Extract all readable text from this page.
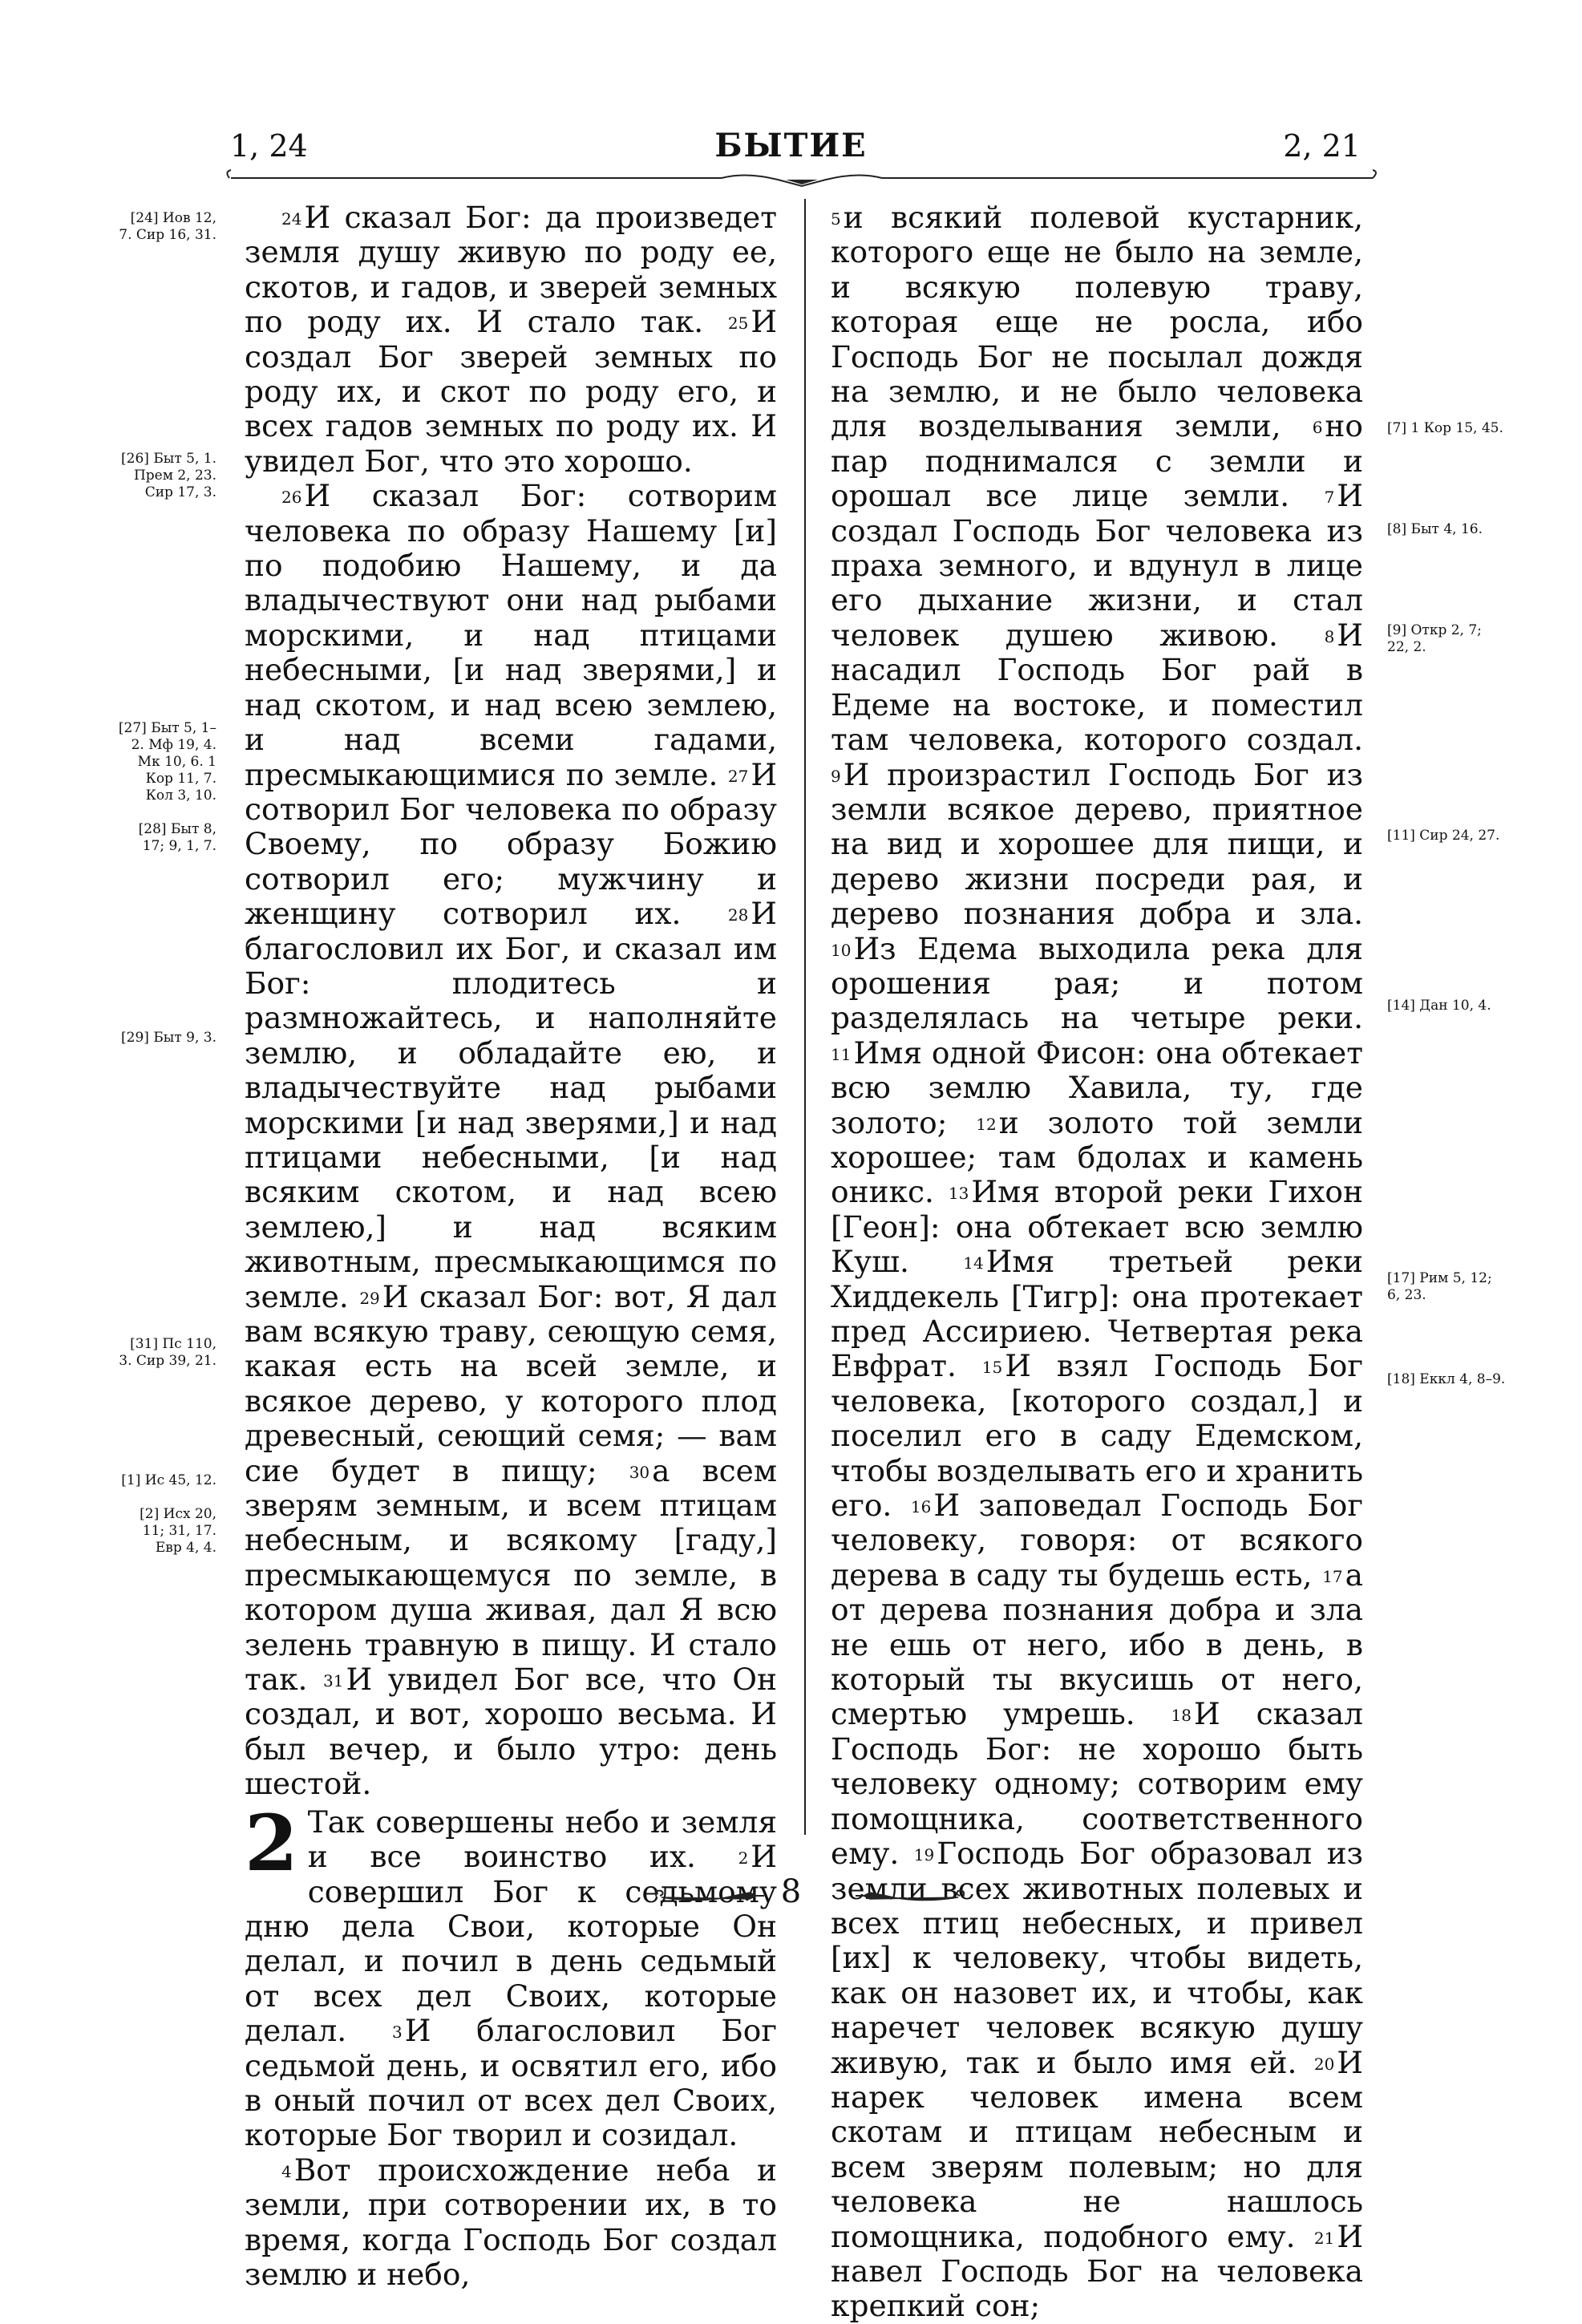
1, 24	БЫТИЕ	2, 21
[24] Иов 12, 7. Сир 16, 31.
[26] Быт 5, 1. Прем 2, 23. Сир 17, 3.
[27] Быт 5, 1–2. Мф 19, 4. Мк 10, 6. 1 Кор 11, 7. Кол 3, 10.
[28] Быт 8, 17; 9, 1, 7.
[29] Быт 9, 3.
[31] Пс 110, 3. Сир 39, 21.
[1] Ис 45, 12.
[2] Исх 20, 11; 31, 17. Евр 4, 4.
[7] 1 Кор 15, 45.
[8] Быт 4, 16.
[9] Откр 2, 7; 22, 2.
[11] Сир 24, 27.
[14] Дан 10, 4.
[17] Рим 5, 12; 6, 23.
[18] Еккл 4, 8–9.

$^{24}$И сказал Бог: да произведет земля душу живую по роду ее, скотов, и гадов, и зверей земных по роду их. И стало так. $^{25}$И создал Бог зверей земных по роду их, и скот по роду его, и всех гадов земных по роду их. И увидел Бог, что это хорошо.

$^{26}$И сказал Бог: сотворим человека по образу Нашему [и] по подобию Нашему, и да владычествуют они над рыбами морскими, и над птицами небесными, [и над зверями,] и над скотом, и над всею землею, и над всеми гадами, пресмыкающимися по земле. $^{27}$И сотворил Бог человека по образу Своему, по образу Божию сотворил его; мужчину и женщину сотворил их.	$^{28}$И благословил их Бог, и сказал им Бог: плодитесь и размножайтесь, и наполняйте землю, и обладайте ею, и владычествуйте над рыбами морскими [и над зверями,] и над птицами небесными, [и над всяким скотом, и над всею землею,] и над всяким животным, пресмыкающимся по земле. $^{29}$И сказал Бог: вот, Я дал вам всякую траву, сеющую семя, какая есть на всей земле, и всякое дерево, у которого плод древесный, сеющий семя; — вам сие будет в пищу; $^{30}$а всем зверям земным, и всем птицам небесным, и всякому [гаду,] пресмыкающемуся по земле, в котором душа живая, дал Я всю зелень травную в пищу. И стало так. $^{31}$И увидел Бог все, что Он создал, и вот, хорошо весьма. И был вечер, и было утро: день шестой.

2 Так совершены небо и земля и все воинство их.	$^2$И совершил Бог к седьмому дню дела Свои, которые Он делал, и почил в день седьмый от всех дел Своих, которые делал.	$^3$И благословил Бог седьмой день, и освятил его, ибо в оный почил от всех дел Своих, которые Бог творил и созидал.

$^4$Вот происхождение неба и земли, при сотворении их, в то время, когда Господь Бог создал землю и небо,

$^5$и всякий полевой кустарник, которого еще не было на земле, и всякую полевую траву, которая еще не росла, ибо Господь Бог не посылал дождя на землю, и не было человека для возделывания земли, $^6$но пар поднимался с земли и орошал все лице земли. $^7$И создал Господь Бог человека из праха земного, и вдунул в лице его дыхание жизни, и стал человек душею живою.	$^8$И насадил Господь Бог рай в Едеме на востоке, и поместил там человека, которого создал. $^9$И произрастил Господь Бог из земли всякое дерево, приятное на вид и хорошее для пищи, и дерево жизни посреди рая, и дерево познания добра и зла. $^{10}$Из Едема выходила река для орошения рая; и потом разделялась на четыре реки. $^{11}$Имя одной Фисон: она обтекает всю землю Хавила, ту, где золото; $^{12}$и золото той земли хорошее; там бдолах и камень оникс. $^{13}$Имя второй реки Гихон [Геон]: она обтекает всю землю Куш.	$^{14}$Имя третьей реки Хиддекель [Тигр]: она протекает пред Ассириею. Четвертая река Евфрат. $^{15}$И взял Господь Бог человека, [которого создал,] и поселил его в саду Едемском, чтобы возделывать его и хранить его. $^{16}$И заповедал Господь Бог человеку, говоря: от всякого дерева в саду ты будешь есть, $^{17}$а от дерева познания добра и зла не ешь от него, ибо в день, в который ты вкусишь от него, смертью умрешь. $^{18}$И сказал Господь Бог: не хорошо быть человеку одному; сотворим ему помощника, соответственного ему. $^{19}$Господь Бог образовал из земли всех животных полевых и всех птиц небесных, и привел [их] к человеку, чтобы видеть, как он назовет их, и чтобы, как наречет человек всякую душу живую, так и было имя ей. $^{20}$И нарек человек имена всем скотам и птицам небесным и всем зверям полевым; но для человека не нашлось помощника, подобного ему. $^{21}$И навел Господь Бог на человека крепкий сон;

8
